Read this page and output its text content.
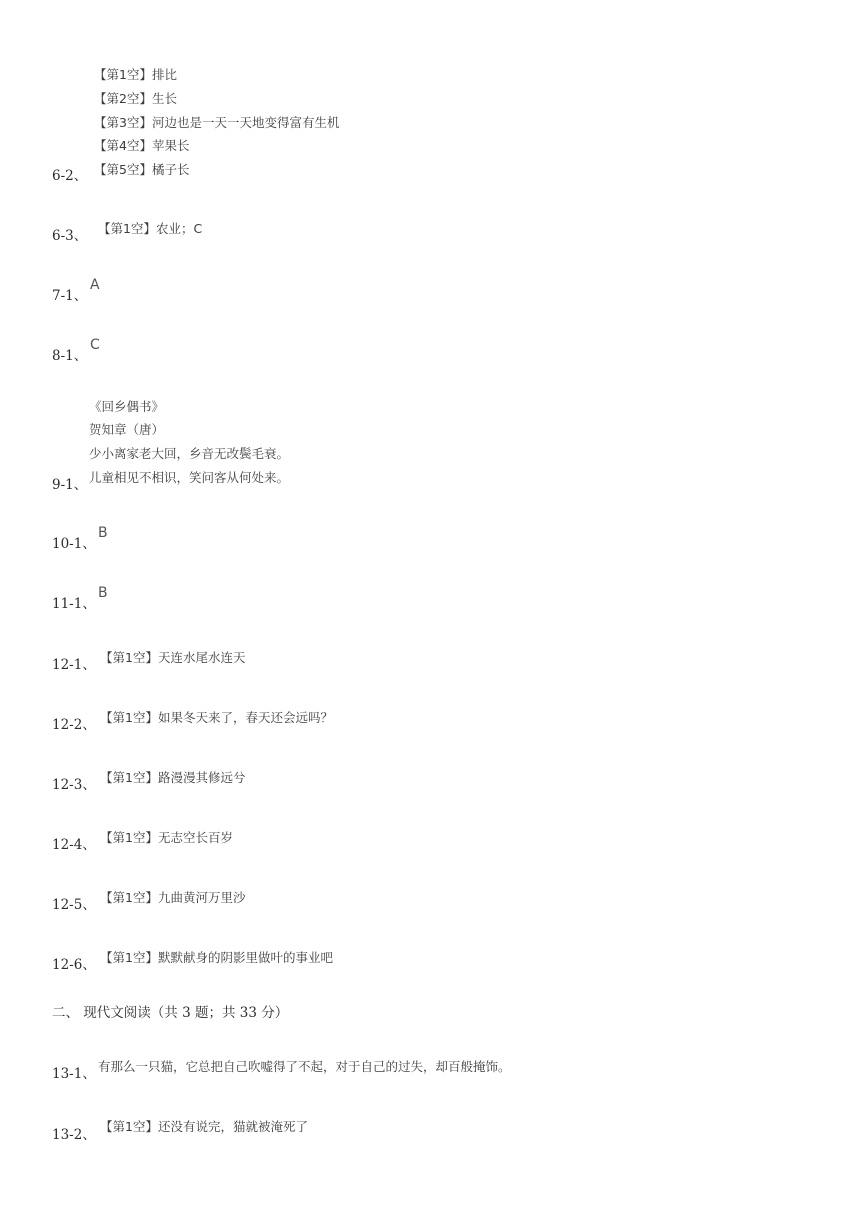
【第1空】排比
【第2空】生长
【第3空】河边也是一天一天地变得富有生机
【第4空】苹果长
6-2、 【第5空】橘子长
6-3、 【第1空】农业；C
7-1、
A
8-1、
C
《回乡偶书》
贺知章（唐）
少小离家老大回，乡音无改鬓毛衰。
9-1、 儿童相见不相识，笑问客从何处来。
10-1、
B
11-1、
B
12-1、 【第1空】天连水尾水连天
12-2、 【第1空】如果冬天来了，春天还会远吗？
12-3、 【第1空】路漫漫其修远兮
12-4、 【第1空】无志空长百岁
12-5、 【第1空】九曲黄河万里沙
12-6、 【第1空】默默献身的阴影里做叶的事业吧
二、 现代文阅读（共 3 题；共 33 分）
13-1、 有那么一只猫，它总把自己吹嘘得了不起，对于自己的过失，却百般掩饰。
13-2、
【第1空】还没有说完，猫就被淹死了
